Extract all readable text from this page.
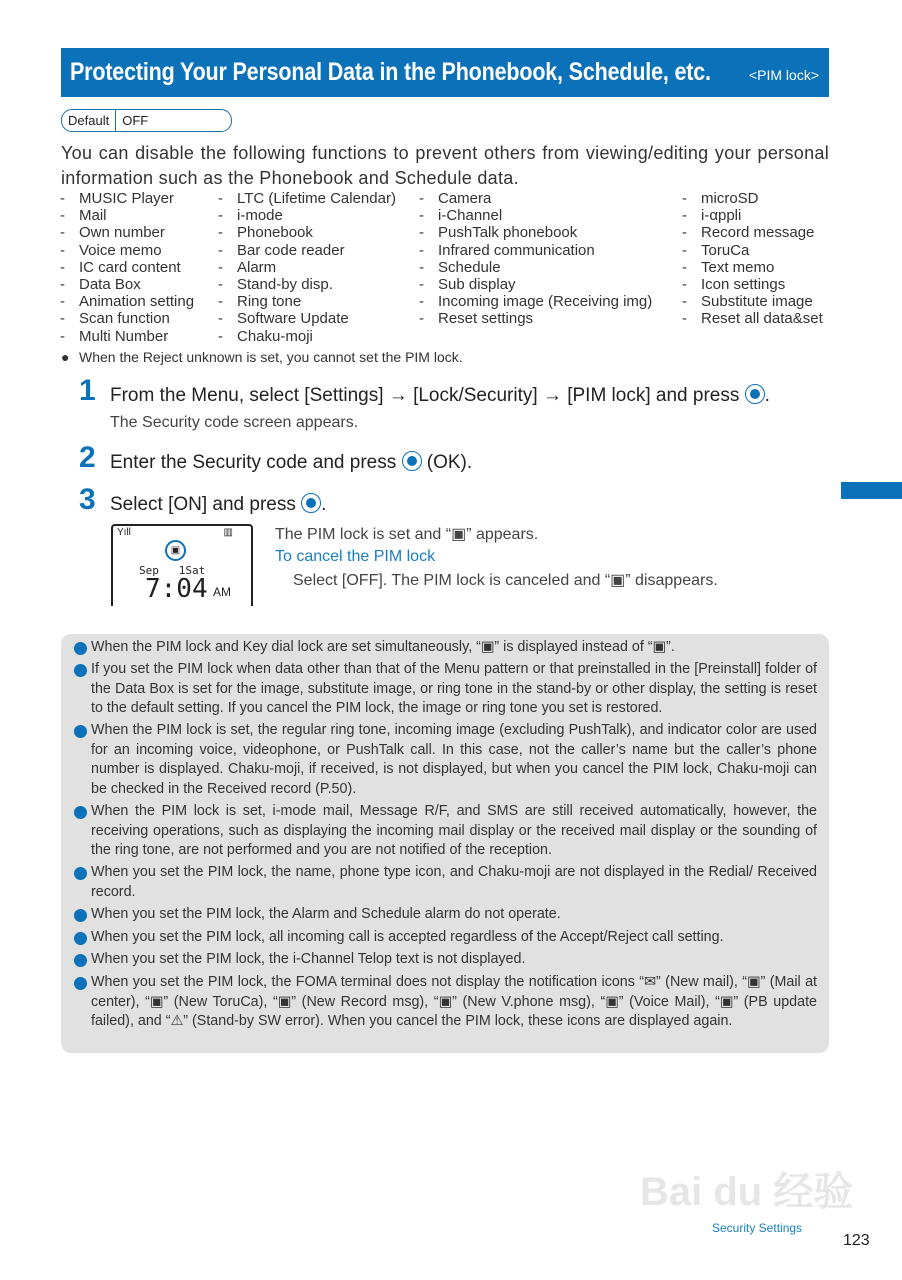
Protecting Your Personal Data in the Phonebook, Schedule, etc.	<PIM lock>
Default	OFF
You can disable the following functions to prevent others from viewing/editing your personal information such as the Phonebook and Schedule data.
- MUSIC Player
- Mail
- Own number
- Voice memo
- IC card content
- Data Box
- Animation setting
- Scan function
- Multi Number
- LTC (Lifetime Calendar)
- i-mode
- Phonebook
- Bar code reader
- Alarm
- Stand-by disp.
- Ring tone
- Software Update
- Chaku-moji
- Camera
- i-Channel
- PushTalk phonebook
- Infrared communication
- Schedule
- Sub display
- Incoming image (Receiving img)
- Reset settings
- microSD
- i-αppli
- Record message
- ToruCa
- Text memo
- Icon settings
- Substitute image
- Reset all data&set
● When the Reject unknown is set, you cannot set the PIM lock.
1 From the Menu, select [Settings] → [Lock/Security] → [PIM lock] and press .
The Security code screen appears.
2 Enter the Security code and press (OK).
3 Select [ON] and press .
Yıll	▥
▣
Sep   1Sat
7:04 AM
The PIM lock is set and “▣” appears.
To cancel the PIM lock
Select [OFF]. The PIM lock is canceled and “▣” disappears.
When the PIM lock and Key dial lock are set simultaneously, “▣” is displayed instead of “▣”.
If you set the PIM lock when data other than that of the Menu pattern or that preinstalled in the [Preinstall] folder of the Data Box is set for the image, substitute image, or ring tone in the stand-by or other display, the setting is reset to the default setting. If you cancel the PIM lock, the image or ring tone you set is restored.
When the PIM lock is set, the regular ring tone, incoming image (excluding PushTalk), and indicator color are used for an incoming voice, videophone, or PushTalk call. In this case, not the caller’s name but the caller’s phone number is displayed. Chaku-moji, if received, is not displayed, but when you cancel the PIM lock, Chaku-moji can be checked in the Received record (P.50).
When the PIM lock is set, i-mode mail, Message R/F, and SMS are still received automatically, however, the receiving operations, such as displaying the incoming mail display or the received mail display or the sounding of the ring tone, are not performed and you are not notified of the reception.
When you set the PIM lock, the name, phone type icon, and Chaku-moji are not displayed in the Redial/ Received record.
When you set the PIM lock, the Alarm and Schedule alarm do not operate.
When you set the PIM lock, all incoming call is accepted regardless of the Accept/Reject call setting.
When you set the PIM lock, the i-Channel Telop text is not displayed.
When you set the PIM lock, the FOMA terminal does not display the notification icons “✉” (New mail), “▣” (Mail at center), “▣” (New ToruCa), “▣” (New Record msg), “▣” (New V.phone msg), “▣” (Voice Mail), “▣” (PB update failed), and “⚠” (Stand-by SW error). When you cancel the PIM lock, these icons are displayed again.
Bai du 经验
Security Settings
123
